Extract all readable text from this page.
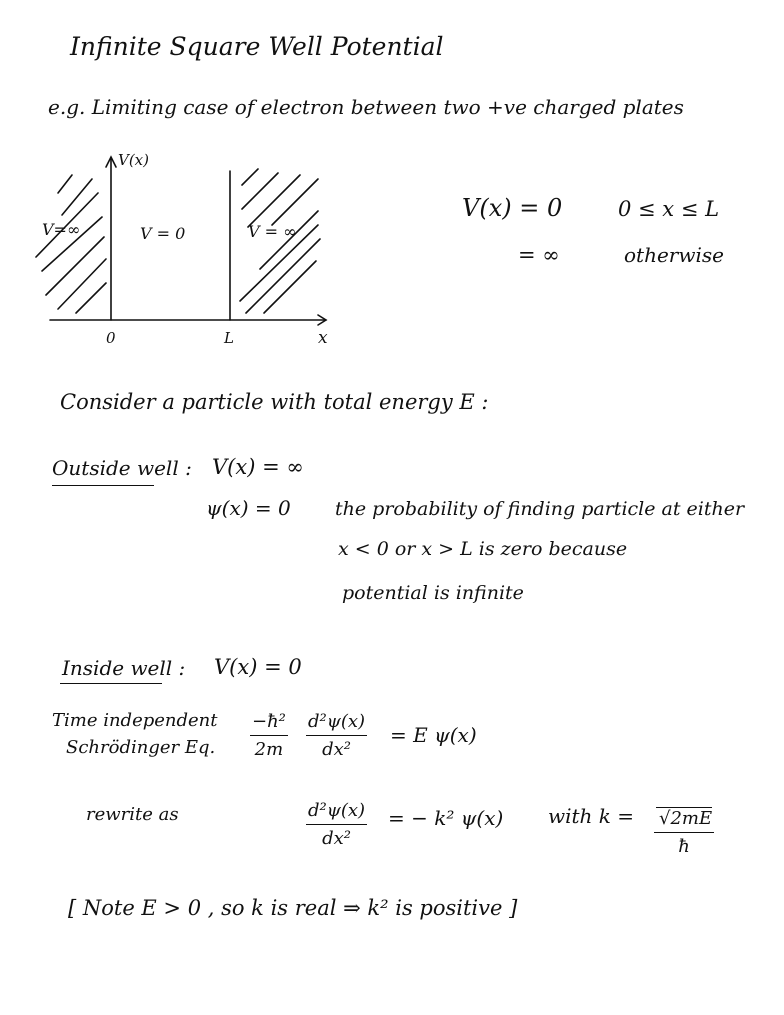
Infinite Square Well Potential
e.g. Limiting case of electron between two +ve charged plates
V(x)
x
V=∞	V = 0	V = ∞
0	L
V(x) = 0	0 ≤ x ≤ L
= ∞	otherwise
Consider a particle with total energy E :
Outside well : V(x) = ∞
ψ(x) = 0 the probability of finding particle at either
x < 0 or x > L is zero because
potential is infinite
Inside well : V(x) = 0
Time independent
Schrödinger Eq. $\frac{\text{−ħ²}}{2m} \frac{\text{d²ψ(x)}}{\text{dx²}} = E$ ψ(x)
rewrite as	$\frac{\text{d²ψ(x)}}{\text{dx²}}$ = − k² ψ(x) with $k = \frac{√2mE}{ħ}$
[ Note E > 0 , so k is real ⇒ k² is positive ]
